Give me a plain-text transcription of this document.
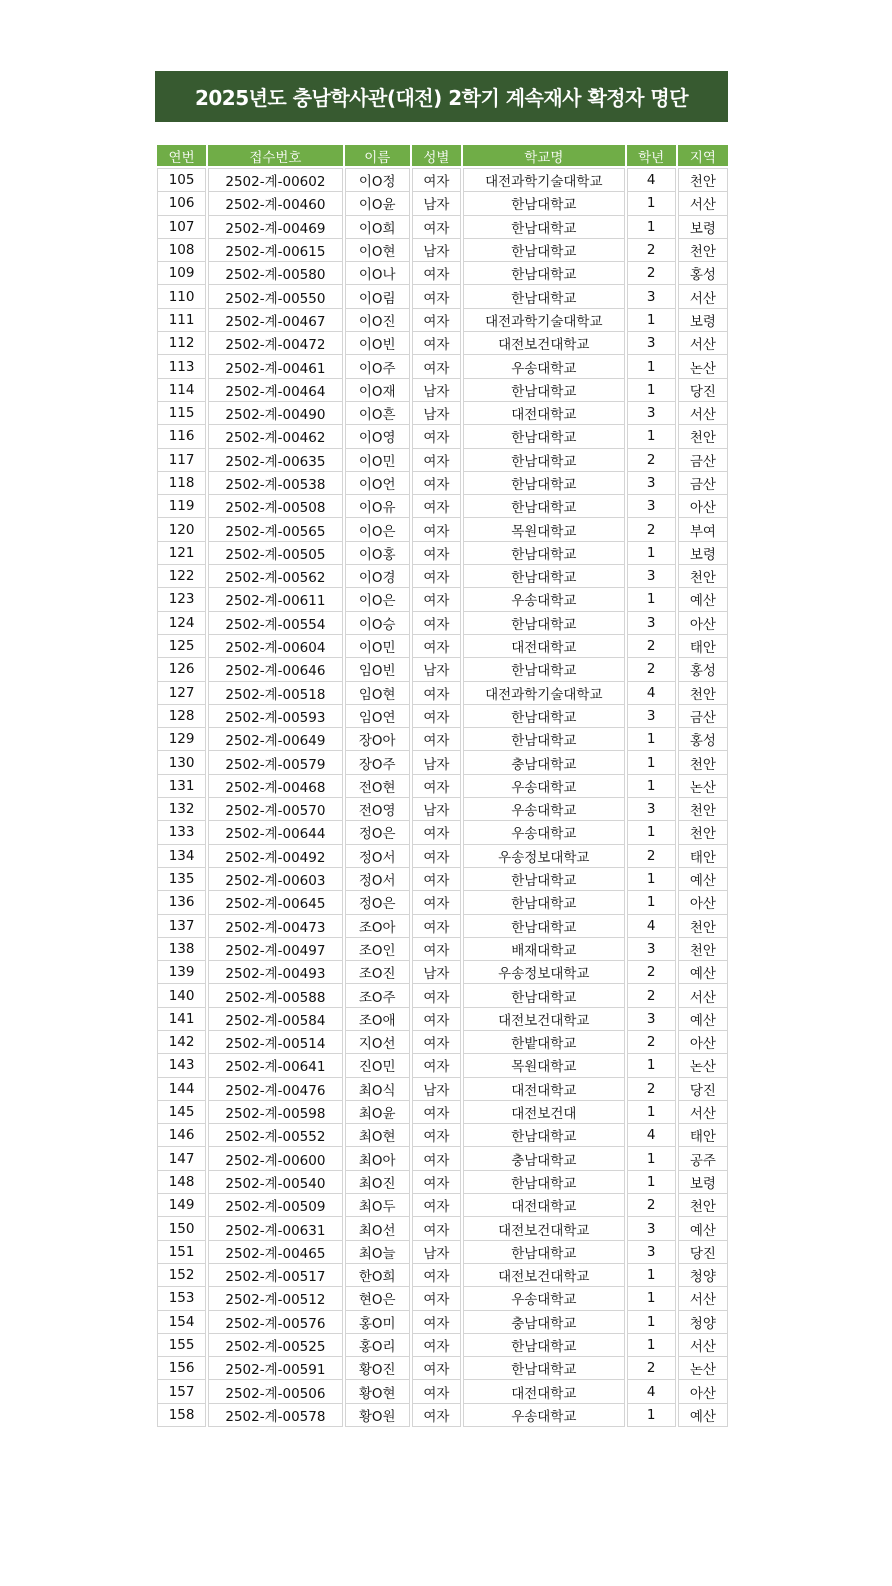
2025년도 충남학사관(대전) 2학기 계속재사 확정자 명단
연번	접수번호	이름	성별	학교명	학년	지역
105	2502-계-00602	이O정	여자	대전과학기술대학교	4	천안
106	2502-계-00460	이O윤	남자	한남대학교	1	서산
107	2502-계-00469	이O희	여자	한남대학교	1	보령
108	2502-계-00615	이O현	남자	한남대학교	2	천안
109	2502-계-00580	이O나	여자	한남대학교	2	홍성
110	2502-계-00550	이O림	여자	한남대학교	3	서산
111	2502-계-00467	이O진	여자	대전과학기술대학교	1	보령
112	2502-계-00472	이O빈	여자	대전보건대학교	3	서산
113	2502-계-00461	이O주	여자	우송대학교	1	논산
114	2502-계-00464	이O재	남자	한남대학교	1	당진
115	2502-계-00490	이O흔	남자	대전대학교	3	서산
116	2502-계-00462	이O영	여자	한남대학교	1	천안
117	2502-계-00635	이O민	여자	한남대학교	2	금산
118	2502-계-00538	이O언	여자	한남대학교	3	금산
119	2502-계-00508	이O유	여자	한남대학교	3	아산
120	2502-계-00565	이O은	여자	목원대학교	2	부여
121	2502-계-00505	이O홍	여자	한남대학교	1	보령
122	2502-계-00562	이O경	여자	한남대학교	3	천안
123	2502-계-00611	이O은	여자	우송대학교	1	예산
124	2502-계-00554	이O승	여자	한남대학교	3	아산
125	2502-계-00604	이O민	여자	대전대학교	2	태안
126	2502-계-00646	임O빈	남자	한남대학교	2	홍성
127	2502-계-00518	임O현	여자	대전과학기술대학교	4	천안
128	2502-계-00593	임O연	여자	한남대학교	3	금산
129	2502-계-00649	장O아	여자	한남대학교	1	홍성
130	2502-계-00579	장O주	남자	충남대학교	1	천안
131	2502-계-00468	전O현	여자	우송대학교	1	논산
132	2502-계-00570	전O영	남자	우송대학교	3	천안
133	2502-계-00644	정O은	여자	우송대학교	1	천안
134	2502-계-00492	정O서	여자	우송정보대학교	2	태안
135	2502-계-00603	정O서	여자	한남대학교	1	예산
136	2502-계-00645	정O은	여자	한남대학교	1	아산
137	2502-계-00473	조O아	여자	한남대학교	4	천안
138	2502-계-00497	조O인	여자	배재대학교	3	천안
139	2502-계-00493	조O진	남자	우송정보대학교	2	예산
140	2502-계-00588	조O주	여자	한남대학교	2	서산
141	2502-계-00584	조O애	여자	대전보건대학교	3	예산
142	2502-계-00514	지O선	여자	한밭대학교	2	아산
143	2502-계-00641	진O민	여자	목원대학교	1	논산
144	2502-계-00476	최O식	남자	대전대학교	2	당진
145	2502-계-00598	최O윤	여자	대전보건대	1	서산
146	2502-계-00552	최O현	여자	한남대학교	4	태안
147	2502-계-00600	최O아	여자	충남대학교	1	공주
148	2502-계-00540	최O진	여자	한남대학교	1	보령
149	2502-계-00509	최O두	여자	대전대학교	2	천안
150	2502-계-00631	최O선	여자	대전보건대학교	3	예산
151	2502-계-00465	최O늘	남자	한남대학교	3	당진
152	2502-계-00517	한O희	여자	대전보건대학교	1	청양
153	2502-계-00512	현O은	여자	우송대학교	1	서산
154	2502-계-00576	홍O미	여자	충남대학교	1	청양
155	2502-계-00525	홍O리	여자	한남대학교	1	서산
156	2502-계-00591	황O진	여자	한남대학교	2	논산
157	2502-계-00506	황O현	여자	대전대학교	4	아산
158	2502-계-00578	황O원	여자	우송대학교	1	예산
